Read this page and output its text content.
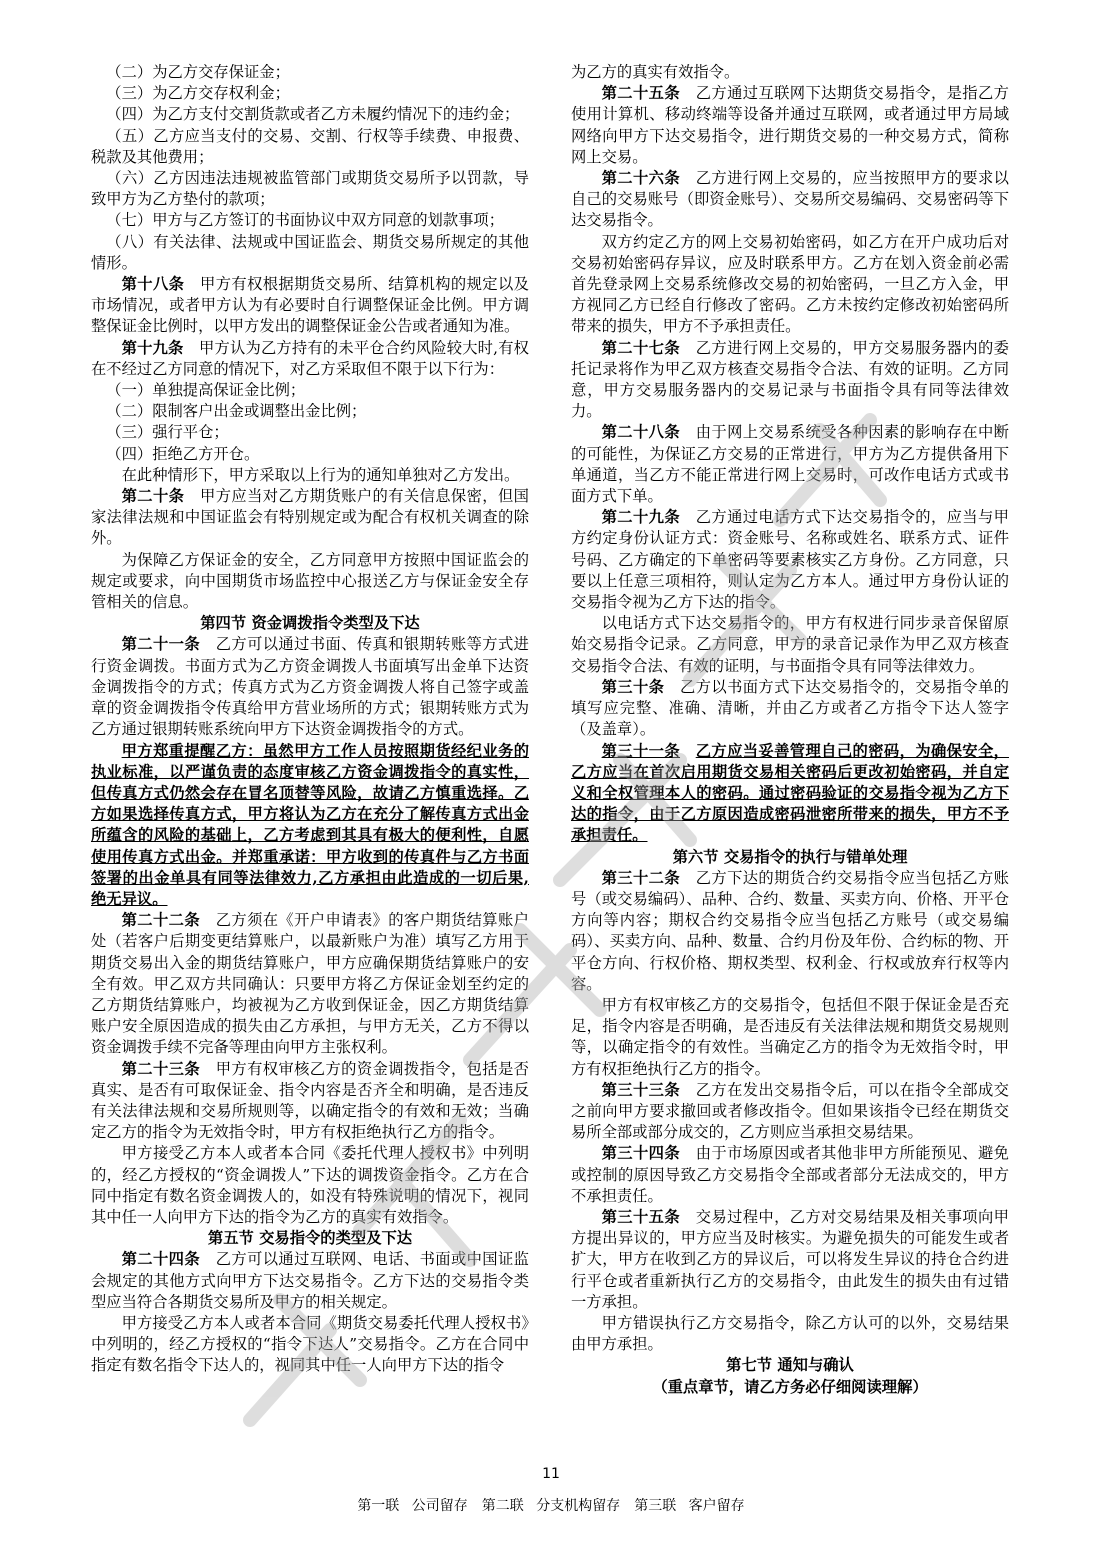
（二）为乙方交存保证金；

（三）为乙方交存权利金；

（四）为乙方支付交割货款或者乙方未履约情况下的违约金；

（五）乙方应当支付的交易、交割、行权等手续费、申报费、税款及其他费用；

（六）乙方因违法违规被监管部门或期货交易所予以罚款，导致甲方为乙方垫付的款项；

（七）甲方与乙方签订的书面协议中双方同意的划款事项；

（八）有关法律、法规或中国证监会、期货交易所规定的其他情形。

第十八条　 甲方有权根据期货交易所、结算机构的规定以及市场情况，或者甲方认为有必要时自行调整保证金比例。甲方调整保证金比例时，以甲方发出的调整保证金公告或者通知为准。

第十九条　 甲方认为乙方持有的未平仓合约风险较大时,有权在不经过乙方同意的情况下，对乙方采取但不限于以下行为：

（一）单独提高保证金比例；

（二）限制客户出金或调整出金比例；

（三）强行平仓；

（四）拒绝乙方开仓。

在此种情形下，甲方采取以上行为的通知单独对乙方发出。

第二十条　 甲方应当对乙方期货账户的有关信息保密，但国家法律法规和中国证监会有特别规定或为配合有权机关调查的除外。

为保障乙方保证金的安全，乙方同意甲方按照中国证监会的规定或要求，向中国期货市场监控中心报送乙方与保证金安全存管相关的信息。

第四节 资金调拨指令类型及下达

第二十一条　 乙方可以通过书面、传真和银期转账等方式进行资金调拨。书面方式为乙方资金调拨人书面填写出金单下达资金调拨指令的方式；传真方式为乙方资金调拨人将自己签字或盖章的资金调拨指令传真给甲方营业场所的方式；银期转账方式为乙方通过银期转账系统向甲方下达资金调拨指令的方式。

甲方郑重提醒乙方：虽然甲方工作人员按照期货经纪业务的执业标准，以严谨负责的态度审核乙方资金调拨指令的真实性，但传真方式仍然会存在冒名顶替等风险，故请乙方慎重选择。乙方如果选择传真方式，甲方将认为乙方在充分了解传真方式出金所蕴含的风险的基础上，乙方考虑到其具有极大的便利性，自愿使用传真方式出金。并郑重承诺：甲方收到的传真件与乙方书面签署的出金单具有同等法律效力,乙方承担由此造成的一切后果,绝无异议。

第二十二条　 乙方须在《开户申请表》的客户期货结算账户处（若客户后期变更结算账户，以最新账户为准）填写乙方用于期货交易出入金的期货结算账户，甲方应确保期货结算账户的安全有效。甲乙双方共同确认：只要甲方将乙方保证金划至约定的乙方期货结算账户，均被视为乙方收到保证金，因乙方期货结算账户安全原因造成的损失由乙方承担，与甲方无关，乙方不得以资金调拨手续不完备等理由向甲方主张权利。

第二十三条　 甲方有权审核乙方的资金调拨指令，包括是否真实、是否有可取保证金、指令内容是否齐全和明确，是否违反有关法律法规和交易所规则等，以确定指令的有效和无效；当确定乙方的指令为无效指令时，甲方有权拒绝执行乙方的指令。

甲方接受乙方本人或者本合同《委托代理人授权书》中列明的，经乙方授权的“资金调拨人”下达的调拨资金指令。乙方在合同中指定有数名资金调拨人的，如没有特殊说明的情况下，视同其中任一人向甲方下达的指令为乙方的真实有效指令。

第五节 交易指令的类型及下达

第二十四条　 乙方可以通过互联网、电话、书面或中国证监会规定的其他方式向甲方下达交易指令。乙方下达的交易指令类型应当符合各期货交易所及甲方的相关规定。

甲方接受乙方本人或者本合同《期货交易委托代理人授权书》中列明的，经乙方授权的“指令下达人”交易指令。乙方在合同中指定有数名指令下达人的，视同其中任一人向甲方下达的指令

为乙方的真实有效指令。

第二十五条　 乙方通过互联网下达期货交易指令，是指乙方使用计算机、移动终端等设备并通过互联网，或者通过甲方局域网络向甲方下达交易指令，进行期货交易的一种交易方式，简称网上交易。

第二十六条　 乙方进行网上交易的，应当按照甲方的要求以自己的交易账号（即资金账号）、交易所交易编码、交易密码等下达交易指令。

双方约定乙方的网上交易初始密码，如乙方在开户成功后对交易初始密码存异议，应及时联系甲方。乙方在划入资金前必需首先登录网上交易系统修改交易的初始密码，一旦乙方入金，甲方视同乙方已经自行修改了密码。乙方未按约定修改初始密码所带来的损失，甲方不予承担责任。

第二十七条　 乙方进行网上交易的，甲方交易服务器内的委托记录将作为甲乙双方核查交易指令合法、有效的证明。乙方同意，甲方交易服务器内的交易记录与书面指令具有同等法律效力。

第二十八条　 由于网上交易系统受各种因素的影响存在中断的可能性，为保证乙方交易的正常进行，甲方为乙方提供备用下单通道，当乙方不能正常进行网上交易时，可改作电话方式或书面方式下单。

第二十九条　 乙方通过电话方式下达交易指令的，应当与甲方约定身份认证方式：资金账号、名称或姓名、联系方式、证件号码、乙方确定的下单密码等要素核实乙方身份。乙方同意，只要以上任意三项相符，则认定为乙方本人。通过甲方身份认证的交易指令视为乙方下达的指令。

以电话方式下达交易指令的，甲方有权进行同步录音保留原始交易指令记录。乙方同意，甲方的录音记录作为甲乙双方核查交易指令合法、有效的证明，与书面指令具有同等法律效力。

第三十条　 乙方以书面方式下达交易指令的，交易指令单的填写应完整、准确、清晰，并由乙方或者乙方指令下达人签字（及盖章）。

第三十一条　 乙方应当妥善管理自己的密码，为确保安全，乙方应当在首次启用期货交易相关密码后更改初始密码，并自定义和全权管理本人的密码。通过密码验证的交易指令视为乙方下达的指令，由于乙方原因造成密码泄密所带来的损失，甲方不予承担责任。

第六节 交易指令的执行与错单处理

第三十二条　 乙方下达的期货合约交易指令应当包括乙方账号（或交易编码）、品种、合约、数量、买卖方向、价格、开平仓方向等内容；期权合约交易指令应当包括乙方账号（或交易编码）、买卖方向、品种、数量、合约月份及年份、合约标的物、开平仓方向、行权价格、期权类型、权利金、行权或放弃行权等内容。

甲方有权审核乙方的交易指令，包括但不限于保证金是否充足，指令内容是否明确，是否违反有关法律法规和期货交易规则等，以确定指令的有效性。当确定乙方的指令为无效指令时，甲方有权拒绝执行乙方的指令。

第三十三条　 乙方在发出交易指令后，可以在指令全部成交之前向甲方要求撤回或者修改指令。但如果该指令已经在期货交易所全部或部分成交的，乙方则应当承担交易结果。

第三十四条　 由于市场原因或者其他非甲方所能预见、避免或控制的原因导致乙方交易指令全部或者部分无法成交的，甲方不承担责任。

第三十五条　 交易过程中，乙方对交易结果及相关事项向甲方提出异议的，甲方应当及时核实。为避免损失的可能发生或者扩大，甲方在收到乙方的异议后，可以将发生异议的持仓合约进行平仓或者重新执行乙方的交易指令，由此发生的损失由有过错一方承担。

甲方错误执行乙方交易指令，除乙方认可的以外，交易结果由甲方承担。

第七节 通知与确认

（重点章节，请乙方务必仔细阅读理解）

11
第一联 公司留存　第二联 分支机构留存　第三联 客户留存
